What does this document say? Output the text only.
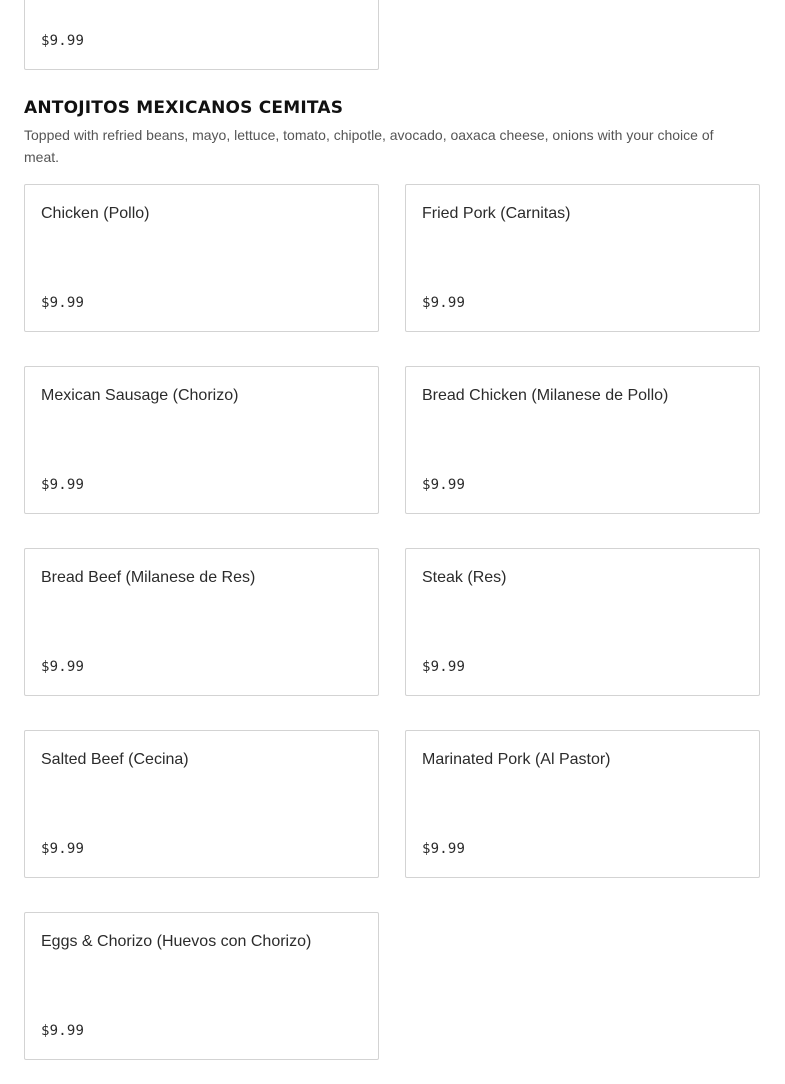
$9.99
ANTOJITOS MEXICANOS CEMITAS

Topped with refried beans, mayo, lettuce, tomato, chipotle, avocado, oaxaca cheese, onions with your choice of meat.

Chicken (Pollo)
$9.99
Fried Pork (Carnitas)
$9.99
Mexican Sausage (Chorizo)
$9.99
Bread Chicken (Milanese de Pollo)
$9.99
Bread Beef (Milanese de Res)
$9.99
Steak (Res)
$9.99
Salted Beef (Cecina)
$9.99
Marinated Pork (Al Pastor)
$9.99
Eggs & Chorizo (Huevos con Chorizo)
$9.99
